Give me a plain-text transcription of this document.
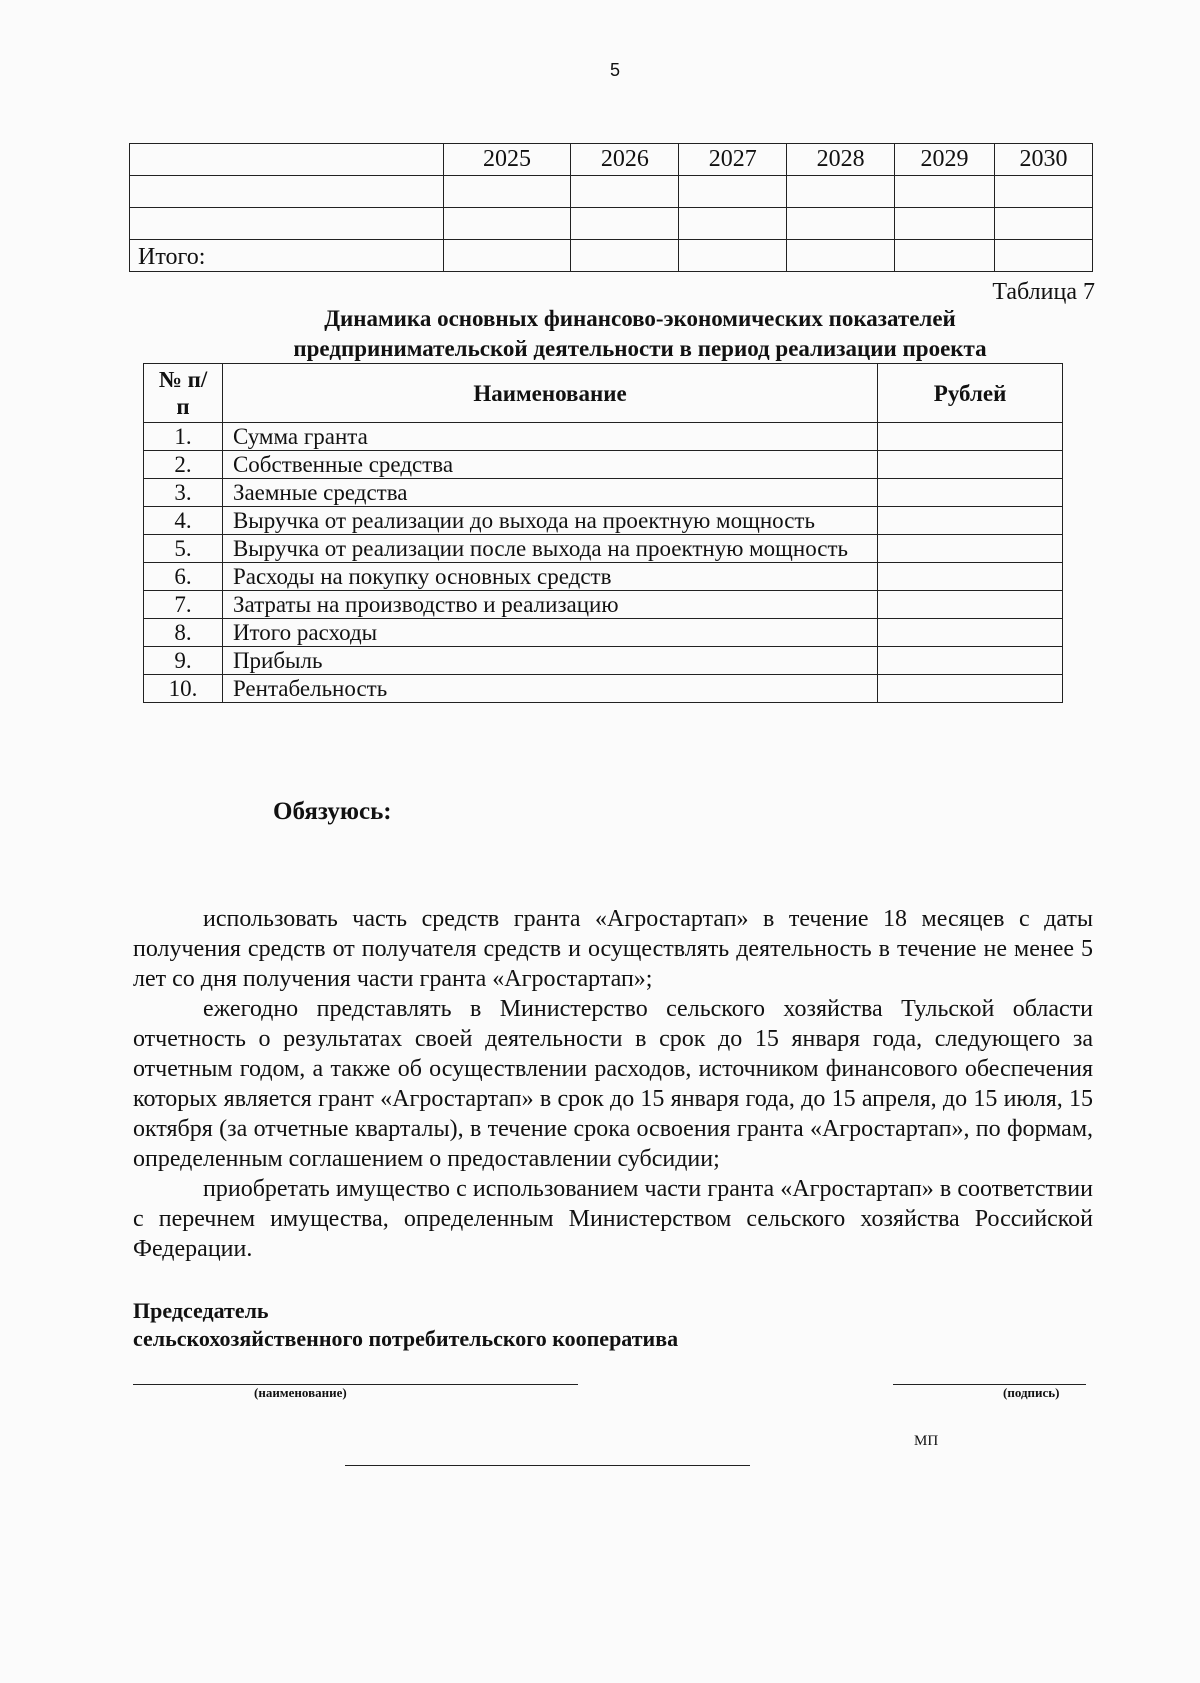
5
	2025	2026	2027	2028	2029	2030

Итого:						
Таблица 7
Динамика основных финансово-экономических показателей
предпринимательской деятельности в период реализации проекта
№ п/п	Наименование	Рублей
1.	Сумма гранта	
2.	Собственные средства	
3.	Заемные средства	
4.	Выручка от реализации до выхода на проектную мощность	
5.	Выручка от реализации после выхода на проектную мощность	
6.	Расходы на покупку основных средств	
7.	Затраты на производство и реализацию	
8.	Итого расходы	
9.	Прибыль	
10.	Рентабельность	
Обязуюсь:

использовать часть средств гранта «Агростартап» в течение 18 месяцев с даты получения средств от получателя средств и осуществлять деятельность в течение не менее 5 лет со дня получения части гранта «Агростартап»;

ежегодно представлять в Министерство сельского хозяйства Тульской области отчетность о результатах своей деятельности в срок до 15 января года, следующего за отчетным годом, а также об осуществлении расходов, источником финансового обеспечения которых является грант «Агростартап» в срок до 15 января года, до 15 апреля, до 15 июля, 15 октября (за отчетные кварталы), в течение срока освоения гранта «Агростартап», по формам, определенным соглашением о предоставлении субсидии;

приобретать имущество с использованием части гранта «Агростартап» в соответствии с перечнем имущества, определенным Министерством сельского хозяйства Российской Федерации.

Председатель
сельскохозяйственного потребительского кооператива
(наименование)	(подпись)
МП
